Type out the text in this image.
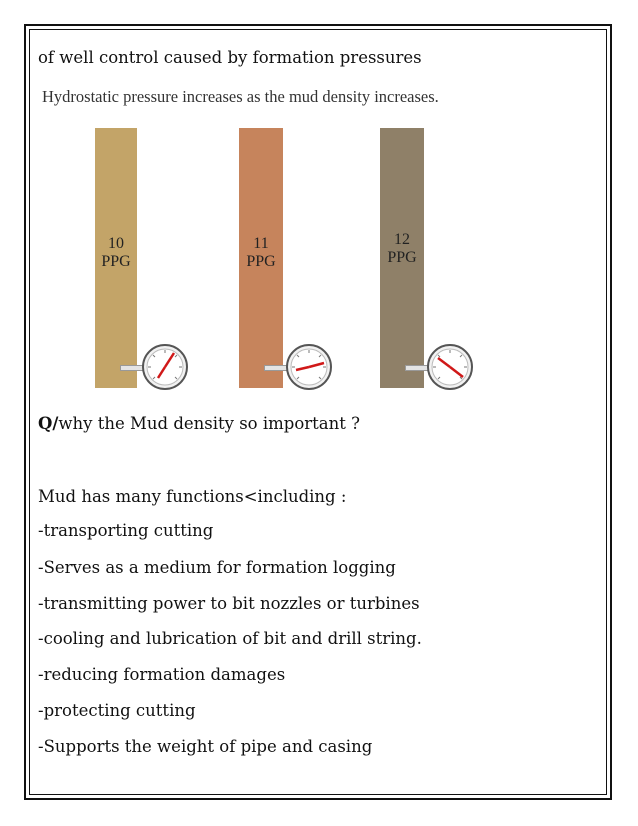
of well control caused by formation pressures
Hydrostatic pressure increases as the mud density increases.
10
PPG
11
PPG
12
PPG
Q/why the Mud density so important ?
Mud has many functions<including :
-transporting cutting
-Serves as a medium for formation logging
-transmitting power to bit nozzles or turbines
-cooling and lubrication of bit and drill string.
-reducing formation damages
-protecting cutting
-Supports the weight of pipe and casing
